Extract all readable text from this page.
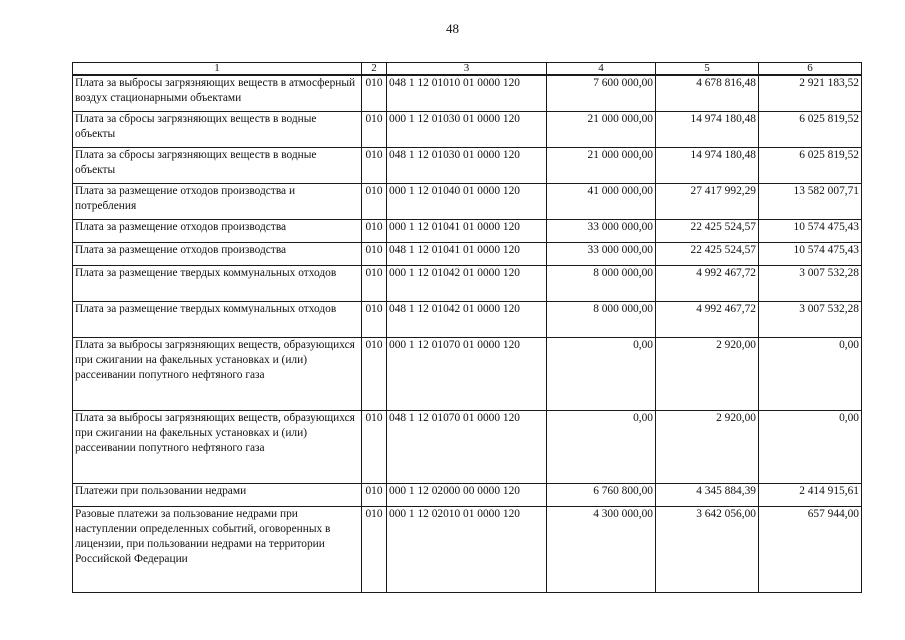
48
1	2	3	4	5	6
Плата за выбросы загрязняющих веществ в атмосферный воздух стационарными объектами	010	048 1 12 01010 01 0000 120	7 600 000,00	4 678 816,48	2 921 183,52
Плата за сбросы загрязняющих веществ в водные объекты	010	000 1 12 01030 01 0000 120	21 000 000,00	14 974 180,48	6 025 819,52
Плата за сбросы загрязняющих веществ в водные объекты	010	048 1 12 01030 01 0000 120	21 000 000,00	14 974 180,48	6 025 819,52
Плата за размещение отходов производства и потребления	010	000 1 12 01040 01 0000 120	41 000 000,00	27 417 992,29	13 582 007,71
Плата за размещение отходов производства	010	000 1 12 01041 01 0000 120	33 000 000,00	22 425 524,57	10 574 475,43
Плата за размещение отходов производства	010	048 1 12 01041 01 0000 120	33 000 000,00	22 425 524,57	10 574 475,43
Плата за размещение твердых коммунальных отходов	010	000 1 12 01042 01 0000 120	8 000 000,00	4 992 467,72	3 007 532,28
Плата за размещение твердых коммунальных отходов	010	048 1 12 01042 01 0000 120	8 000 000,00	4 992 467,72	3 007 532,28
Плата за выбросы загрязняющих веществ, образующихся при сжигании на факельных установках и (или) рассеивании попутного нефтяного газа	010	000 1 12 01070 01 0000 120	0,00	2 920,00	0,00
Плата за выбросы загрязняющих веществ, образующихся при сжигании на факельных установках и (или) рассеивании попутного нефтяного газа	010	048 1 12 01070 01 0000 120	0,00	2 920,00	0,00
Платежи при пользовании недрами	010	000 1 12 02000 00 0000 120	6 760 800,00	4 345 884,39	2 414 915,61
Разовые платежи за пользование недрами при наступлении определенных событий, оговоренных в лицензии, при пользовании недрами на территории Российской Федерации	010	000 1 12 02010 01 0000 120	4 300 000,00	3 642 056,00	657 944,00
